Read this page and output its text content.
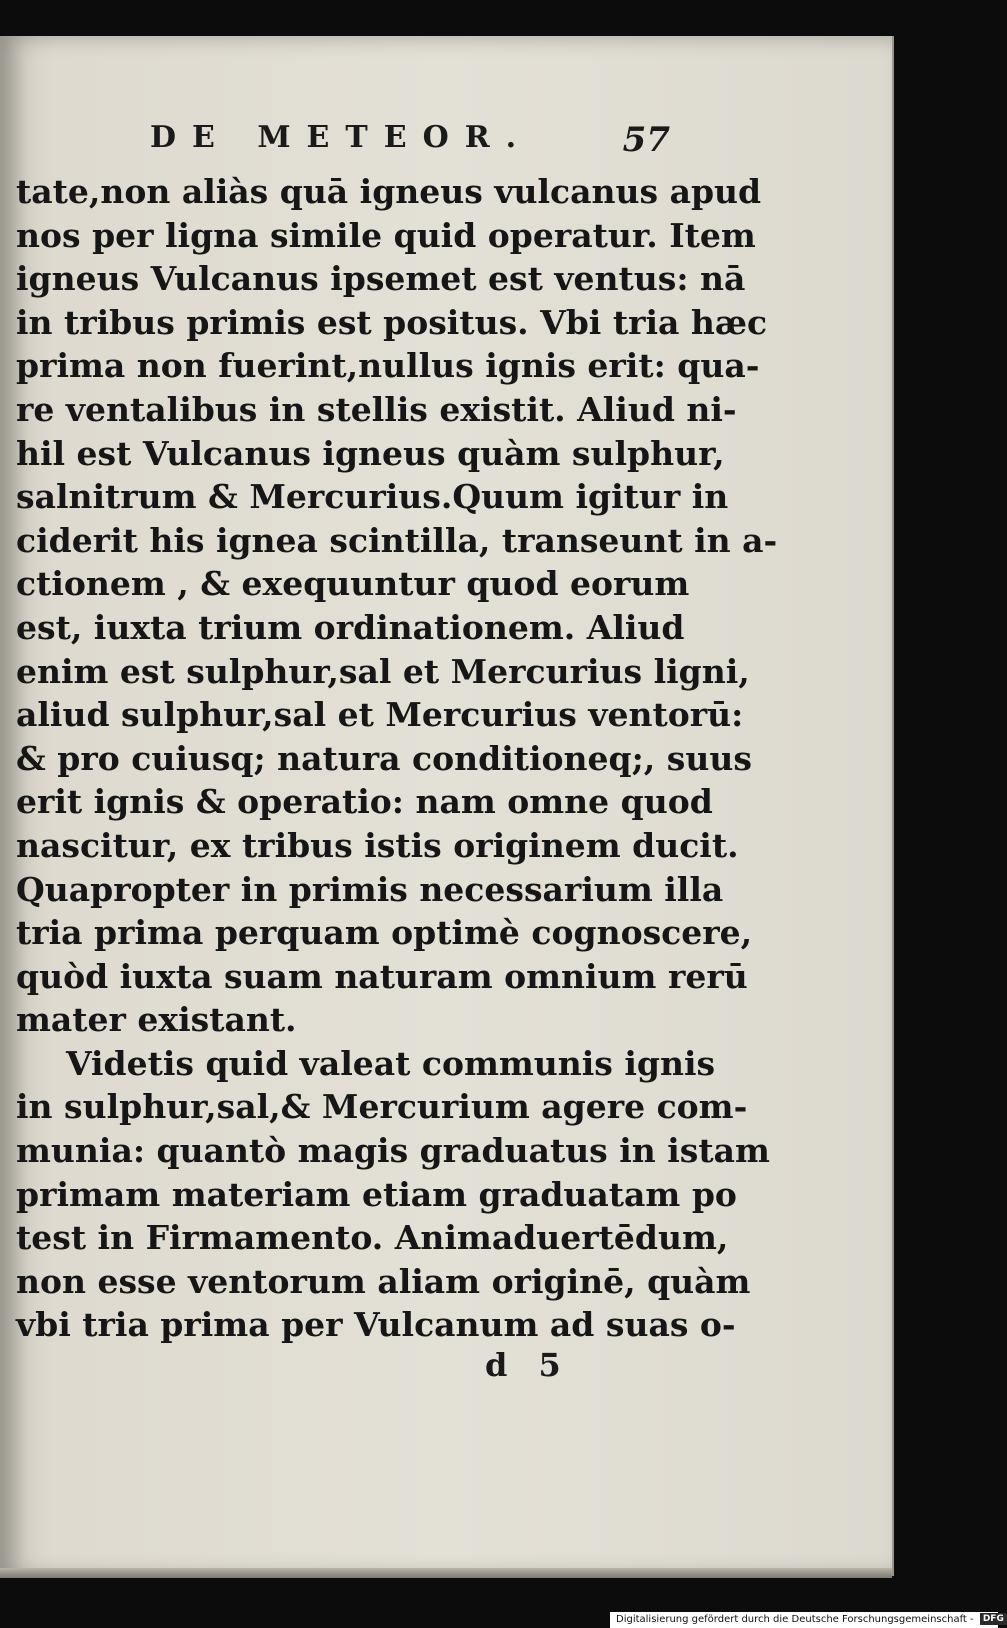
DE METEOR.	57
tate,non aliàs quā igneus vulcanus apud
nos per ligna simile quid operatur. Item
igneus Vulcanus ipsemet est ventus: nā
in tribus primis est positus. Vbi tria hæc
prima non fuerint,nullus ignis erit: qua-
re ventalibus in stellis existit. Aliud ni-
hil est Vulcanus igneus quàm sulphur,
salnitrum & Mercurius.Quum igitur in
ciderit his ignea scintilla, transeunt in a-
ctionem , & exequuntur quod eorum
est, iuxta trium ordinationem. Aliud
enim est sulphur,sal et Mercurius ligni,
aliud sulphur,sal et Mercurius ventorū:
& pro cuiusq; natura conditioneq;, suus
erit ignis & operatio: nam omne quod
nascitur, ex tribus istis originem ducit.
Quapropter in primis necessarium illa
tria prima perquam optimè cognoscere,
quòd iuxta suam naturam omnium rerū
mater existant.
Videtis quid valeat communis ignis
in sulphur,sal,& Mercurium agere com-
munia: quantò magis graduatus in istam
primam materiam etiam graduatam po
test in Firmamento. Animaduertēdum,
non esse ventorum aliam originē, quàm
vbi tria prima per Vulcanum ad suas o-
d 5
Digitalisierung gefördert durch die Deutsche Forschungsgemeinschaft - DFG
